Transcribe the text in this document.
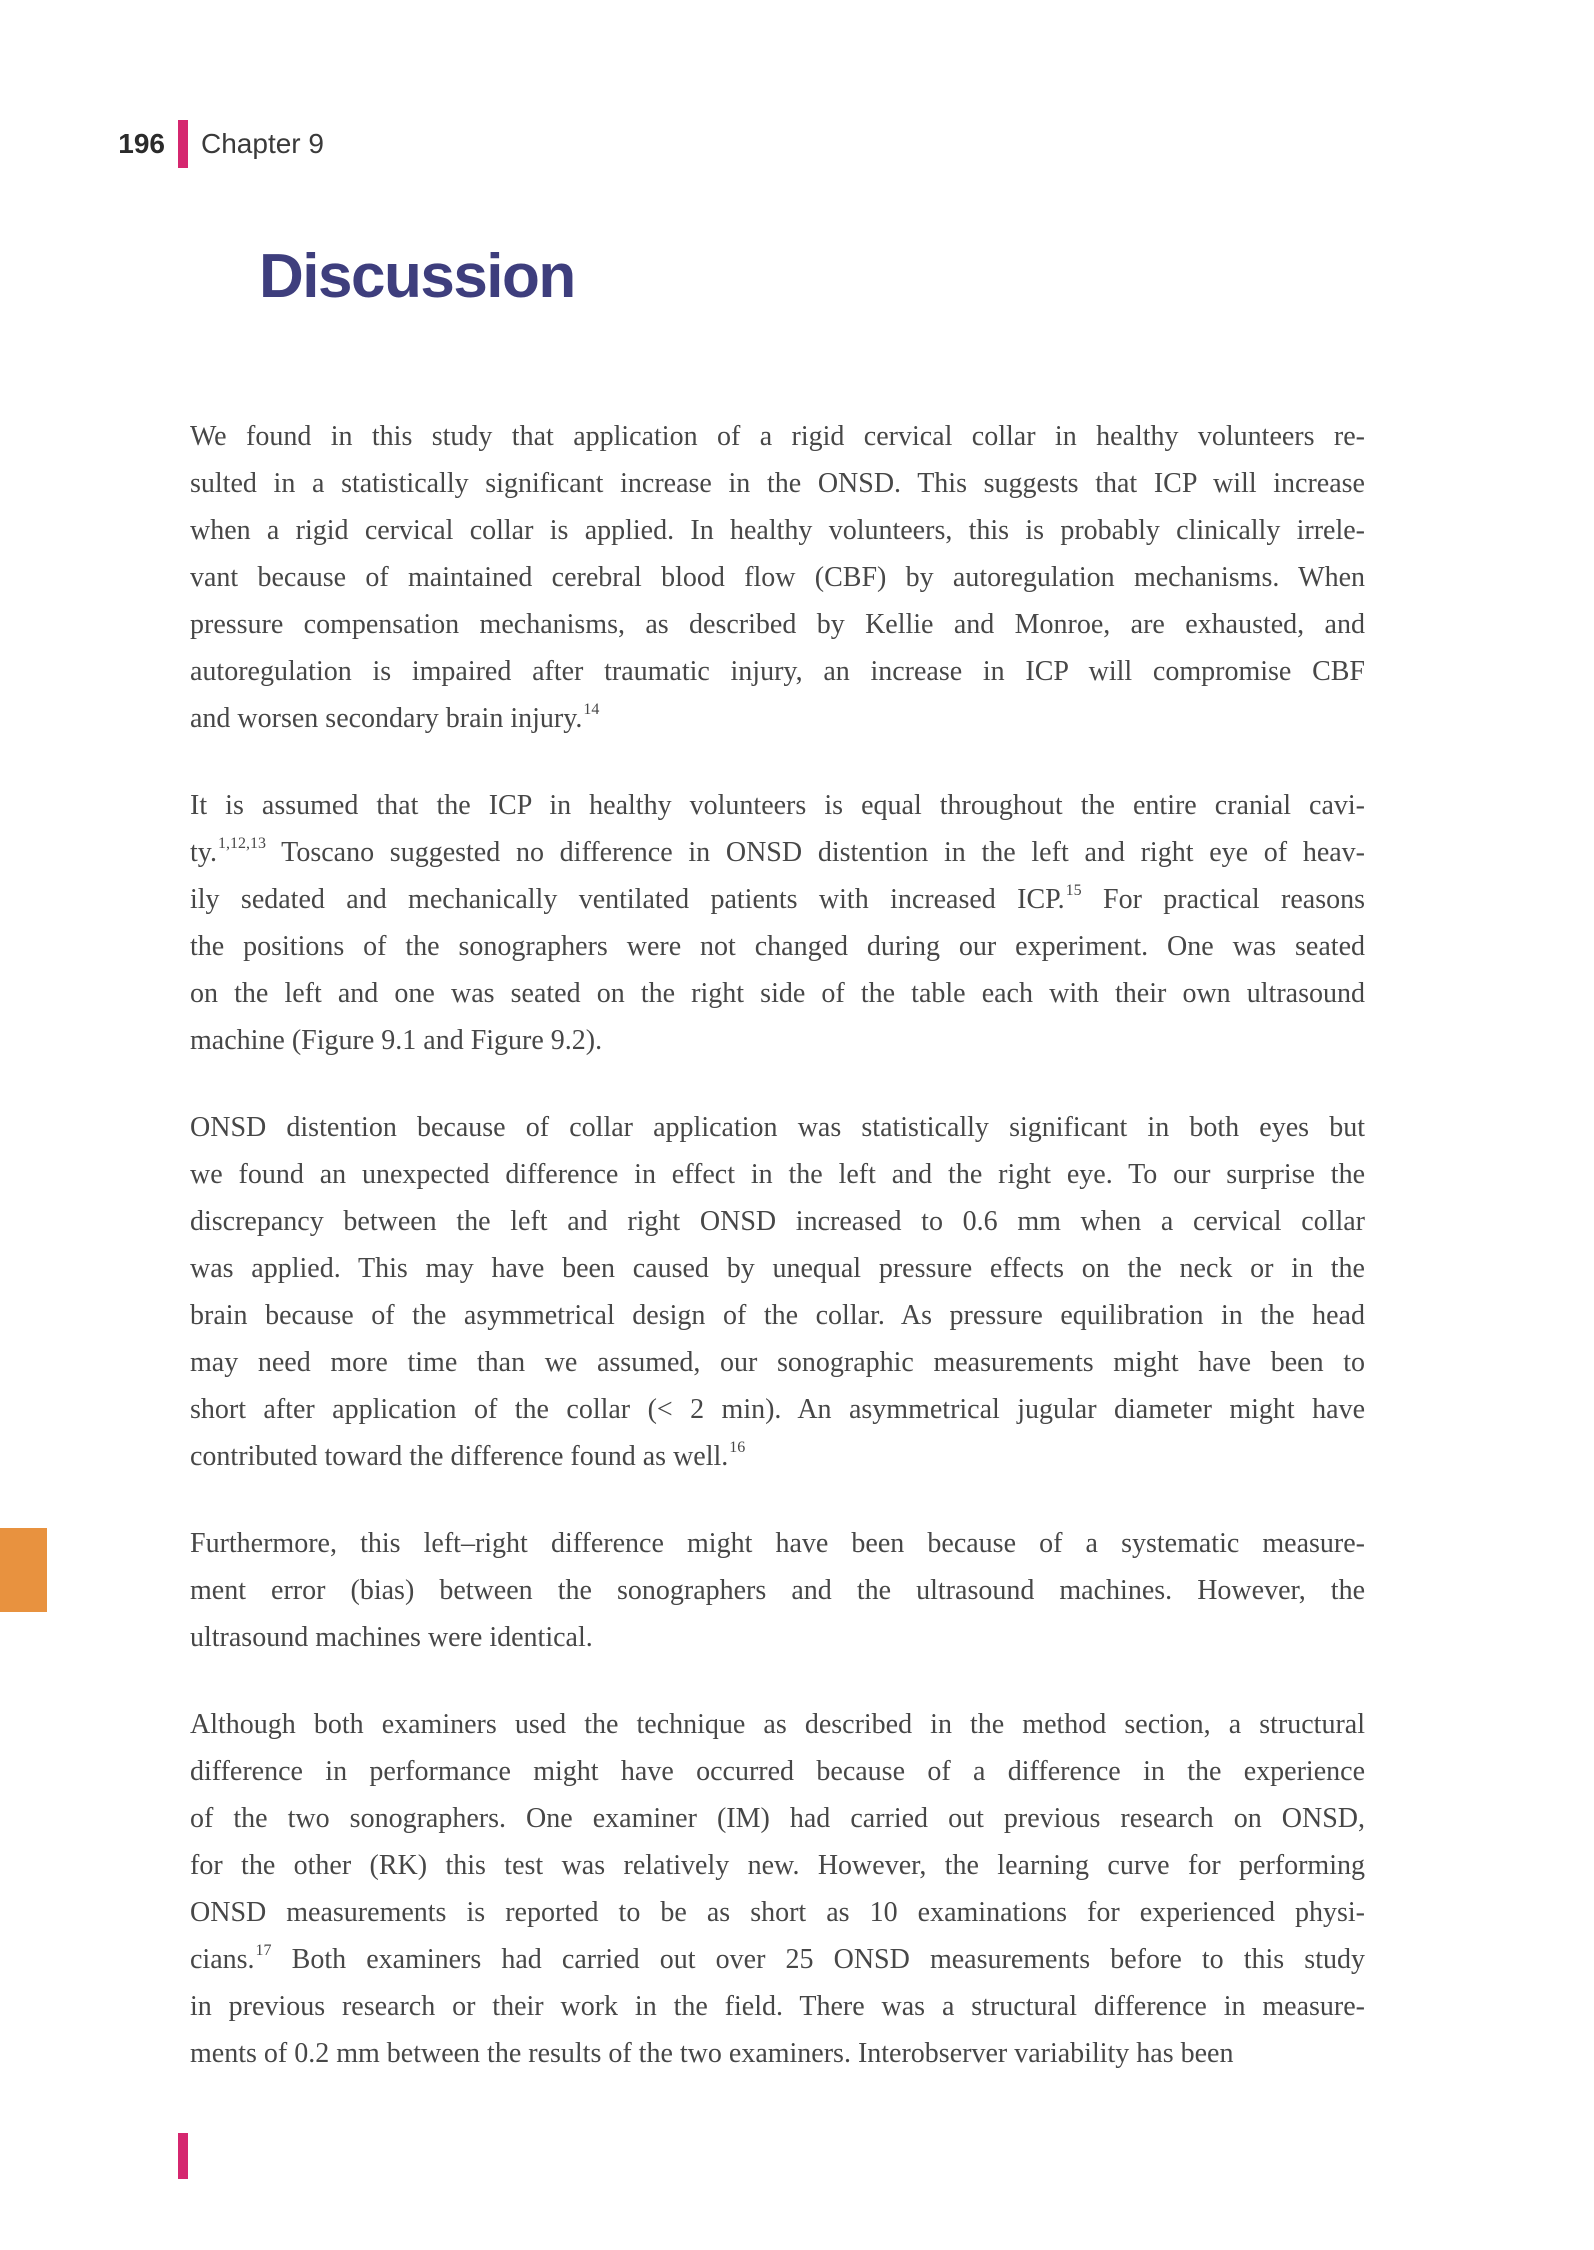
196 Chapter 9
Discussion
We found in this study that application of a rigid cervical collar in healthy volunteers re-
sulted in a statistically significant increase in the ONSD. This suggests that ICP will increase
when a rigid cervical collar is applied. In healthy volunteers, this is probably clinically irrele-
vant because of maintained cerebral blood flow (CBF) by autoregulation mechanisms. When
pressure compensation mechanisms, as described by Kellie and Monroe, are exhausted, and
autoregulation is impaired after traumatic injury, an increase in ICP will compromise CBF
and worsen secondary brain injury.$^{14}$
It is assumed that the ICP in healthy volunteers is equal throughout the entire cranial cavi-
ty.$^{1,12,13}$ Toscano suggested no difference in ONSD distention in the left and right eye of heav-
ily sedated and mechanically ventilated patients with increased ICP.$^{15}$ For practical reasons
the positions of the sonographers were not changed during our experiment. One was seated
on the left and one was seated on the right side of the table each with their own ultrasound
machine (Figure 9.1 and Figure 9.2).
ONSD distention because of collar application was statistically significant in both eyes but
we found an unexpected difference in effect in the left and the right eye. To our surprise the
discrepancy between the left and right ONSD increased to 0.6 mm when a cervical collar
was applied. This may have been caused by unequal pressure effects on the neck or in the
brain because of the asymmetrical design of the collar. As pressure equilibration in the head
may need more time than we assumed, our sonographic measurements might have been to
short after application of the collar (< 2 min). An asymmetrical jugular diameter might have
contributed toward the difference found as well.$^{16}$
Furthermore, this left–right difference might have been because of a systematic measure-
ment error (bias) between the sonographers and the ultrasound machines. However, the
ultrasound machines were identical.
Although both examiners used the technique as described in the method section, a structural
difference in performance might have occurred because of a difference in the experience
of the two sonographers. One examiner (IM) had carried out previous research on ONSD,
for the other (RK) this test was relatively new. However, the learning curve for performing
ONSD measurements is reported to be as short as 10 examinations for experienced physi-
cians.$^{17}$ Both examiners had carried out over 25 ONSD measurements before to this study
in previous research or their work in the field. There was a structural difference in measure-
ments of 0.2 mm between the results of the two examiners. Interobserver variability has been
